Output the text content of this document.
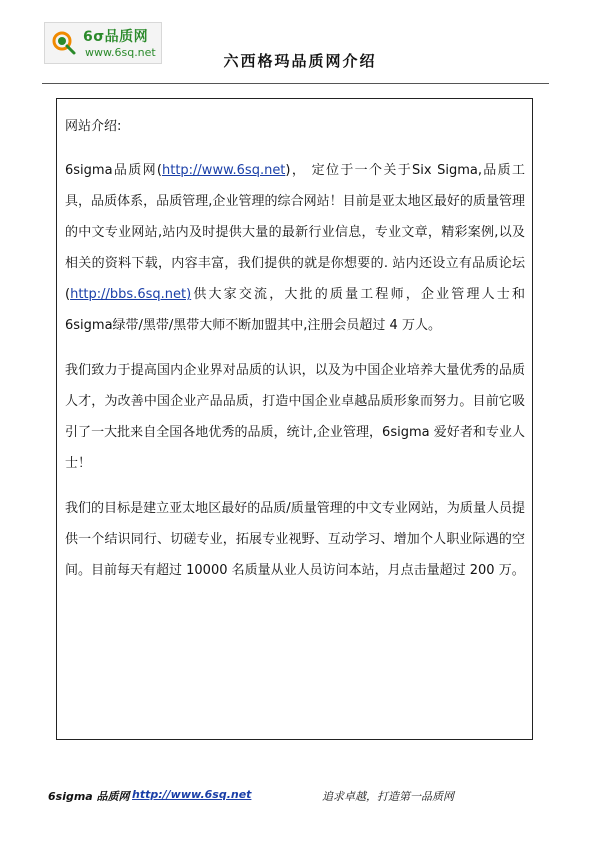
6σ品质网
www.6sq.net	六西格玛品质网介绍
网站介绍:

6sigma品质网(http://www.6sq.net)， 定位于一个关于Six Sigma,品质工具，品质体系，品质管理,企业管理的综合网站！目前是亚太地区最好的质量管理的中文专业网站,站内及时提供大量的最新行业信息，专业文章，精彩案例,以及相关的资料下载，内容丰富，我们提供的就是你想要的. 站内还设立有品质论坛(http://bbs.6sq.net)供大家交流，大批的质量工程师，企业管理人士和 6sigma绿带/黑带/黑带大师不断加盟其中,注册会员超过 4 万人。

我们致力于提高国内企业界对品质的认识，以及为中国企业培养大量优秀的品质人才，为改善中国企业产品品质，打造中国企业卓越品质形象而努力。目前它吸引了一大批来自全国各地优秀的品质，统计,企业管理，6sigma 爱好者和专业人士！

我们的目标是建立亚太地区最好的品质/质量管理的中文专业网站，为质量人员提供一个结识同行、切磋专业，拓展专业视野、互动学习、增加个人职业际遇的空间。目前每天有超过 10000 名质量从业人员访问本站，月点击量超过 200 万。

6sigma 品质网 http://www.6sq.net	追求卓越，打造第一品质网
